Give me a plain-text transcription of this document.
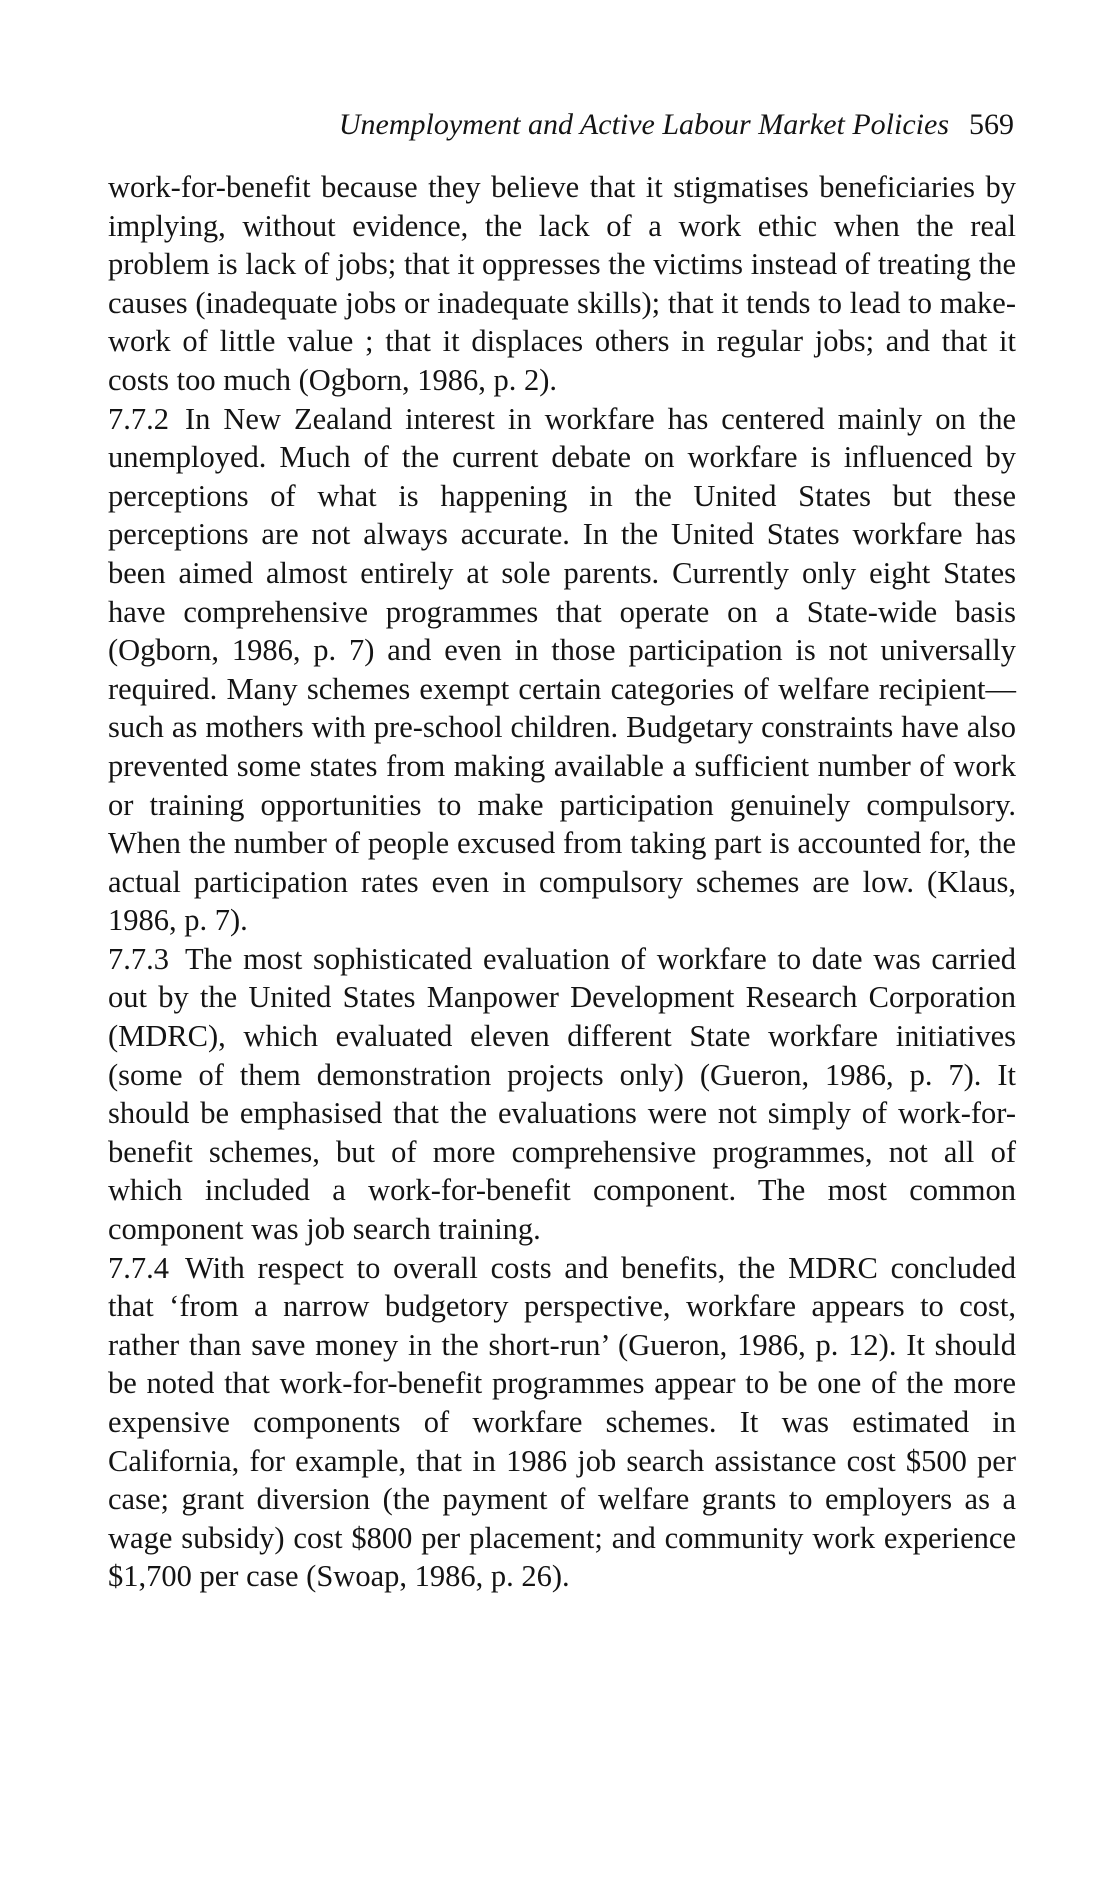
Unemployment and Active Labour Market Policies 569

work-for-benefit because they believe that it stigmatises beneficiaries by implying, without evidence, the lack of a work ethic when the real problem is lack of jobs; that it oppresses the victims instead of treating the causes (inadequate jobs or inadequate skills); that it tends to lead to make-work of little value ; that it displaces others in regular jobs; and that it costs too much (Ogborn, 1986, p. 2).

7.7.2 In New Zealand interest in workfare has centered mainly on the unemployed. Much of the current debate on workfare is influenced by perceptions of what is happening in the United States but these perceptions are not always accurate. In the United States workfare has been aimed almost entirely at sole parents. Currently only eight States have comprehensive programmes that operate on a State-wide basis (Ogborn, 1986, p. 7) and even in those participation is not universally required. Many schemes exempt certain categories of welfare recipient—such as mothers with pre-school children. Budgetary constraints have also prevented some states from making available a sufficient number of work or training opportunities to make participation genuinely compulsory. When the number of people excused from taking part is accounted for, the actual participation rates even in compulsory schemes are low. (Klaus, 1986, p. 7).

7.7.3 The most sophisticated evaluation of workfare to date was carried out by the United States Manpower Development Research Corporation (MDRC), which evaluated eleven different State workfare initiatives (some of them demonstration projects only) (Gueron, 1986, p. 7). It should be emphasised that the evaluations were not simply of work-for-benefit schemes, but of more comprehensive programmes, not all of which included a work-for-benefit component. The most common component was job search training.

7.7.4 With respect to overall costs and benefits, the MDRC concluded that ‘from a narrow budgetory perspective, workfare appears to cost, rather than save money in the short-run’ (Gueron, 1986, p. 12). It should be noted that work-for-benefit programmes appear to be one of the more expensive components of workfare schemes. It was estimated in California, for example, that in 1986 job search assistance cost $500 per case; grant diversion (the payment of welfare grants to employers as a wage subsidy) cost $800 per placement; and community work experience $1,700 per case (Swoap, 1986, p. 26).
